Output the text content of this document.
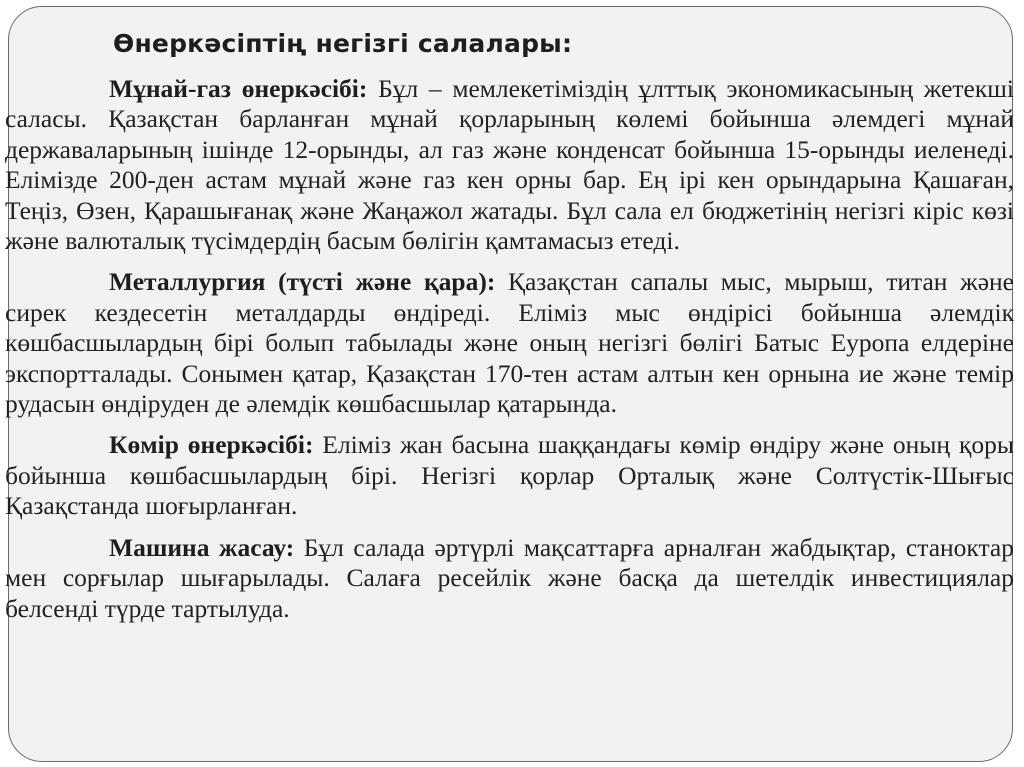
Өнеркәсіптің негізгі салалары:

Мұнай-газ өнеркәсібі: Бұл – мемлекетіміздің ұлттық экономикасының жетекші саласы. Қазақстан барланған мұнай қорларының көлемі бойынша әлемдегі мұнай державаларының ішінде 12-орынды, ал газ және конденсат бойынша 15-орынды иеленеді. Елімізде 200-ден астам мұнай және газ кен орны бар. Ең ірі кен орындарына Қашаған, Теңіз, Өзен, Қарашығанақ және Жаңажол жатады. Бұл сала ел бюджетінің негізгі кіріс көзі және валюталық түсімдердің басым бөлігін қамтамасыз етеді.

Металлургия (түсті және қара): Қазақстан сапалы мыс, мырыш, титан және сирек кездесетін металдарды өндіреді. Еліміз мыс өндірісі бойынша әлемдік көшбасшылардың бірі болып табылады және оның негізгі бөлігі Батыс Еуропа елдеріне экспортталады. Сонымен қатар, Қазақстан 170-тен астам алтын кен орнына ие және темір рудасын өндіруден де әлемдік көшбасшылар қатарында.

Көмір өнеркәсібі: Еліміз жан басына шаққандағы көмір өндіру және оның қоры бойынша көшбасшылардың бірі. Негізгі қорлар Орталық және Солтүстік-Шығыс Қазақстанда шоғырланған.

Машина жасау: Бұл салада әртүрлі мақсаттарға арналған жабдықтар, станоктар мен сорғылар шығарылады. Салаға ресейлік және басқа да шетелдік инвестициялар белсенді түрде тартылуда.
